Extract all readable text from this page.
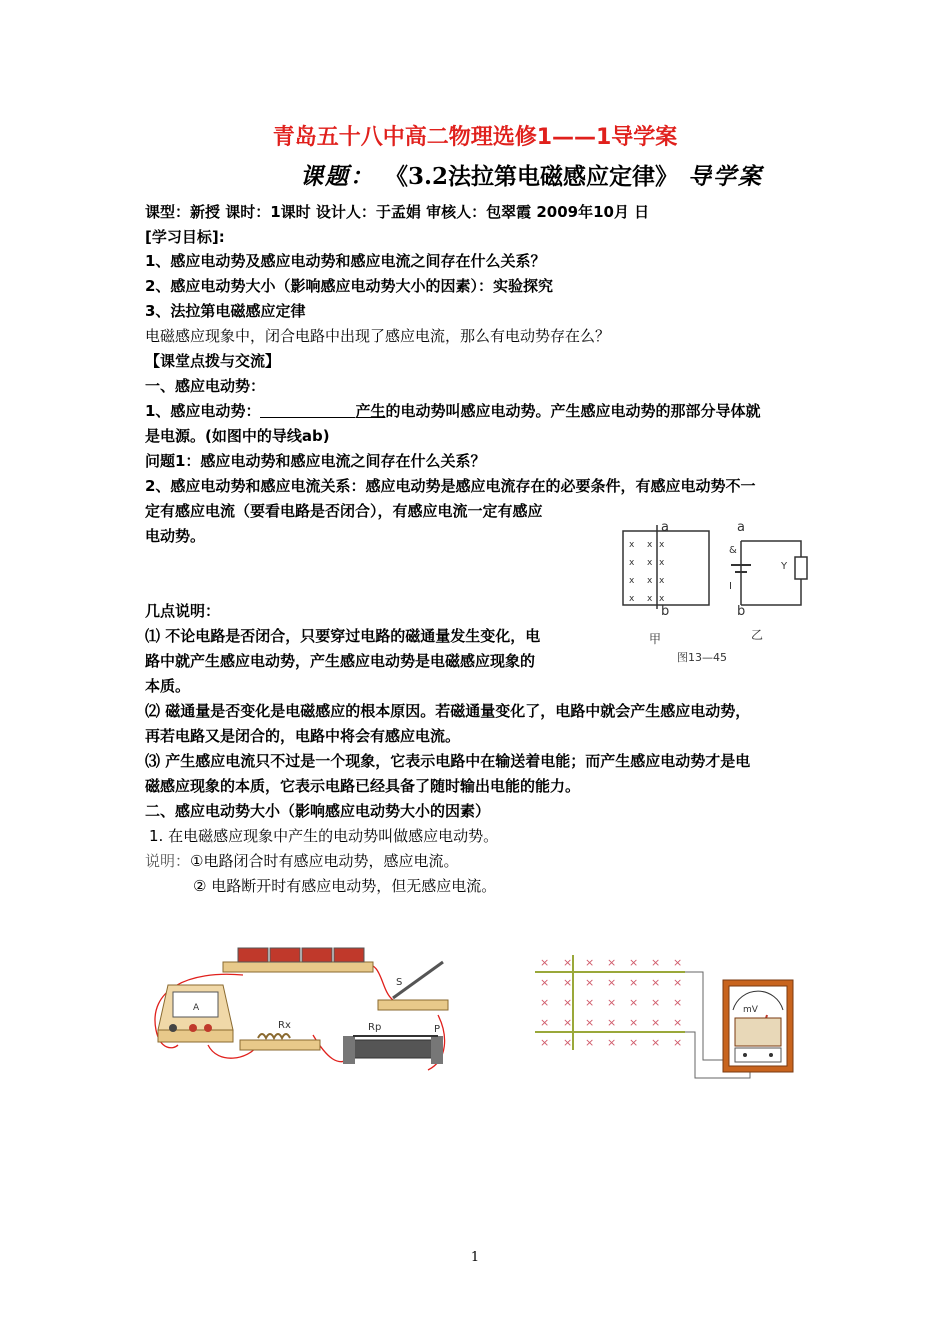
青岛五十八中高二物理选修1——1导学案
课题： 《3.2法拉第电磁感应定律》 导学案
课型：新授 课时：1课时 设计人：于孟娟 审核人：包翠霞 2009年10月 日
[学习目标]:
1、感应电动势及感应电动势和感应电流之间存在什么关系？
2、感应电动势大小（影响感应电动势大小的因素）：实验探究
3、法拉第电磁感应定律
电磁感应现象中，闭合电路中出现了感应电流，那么有电动势存在么？
【课堂点拨与交流】
一、感应电动势：
1、感应电动势：	产生的电动势叫感应电动势。产生感应电动势的那部分导体就
是电源。(如图中的导线ab)
问题1：感应电动势和感应电流之间存在什么关系？
2、感应电动势和感应电流关系：感应电动势是感应电流存在的必要条件，有感应电动势不一
定有感应电流（要看电路是否闭合），有感应电流一定有感应
电动势。
几点说明：
⑴ 不论电路是否闭合，只要穿过电路的磁通量发生变化，电
路中就产生感应电动势，产生感应电动势是电磁感应现象的
本质。
⑵ 磁通量是否变化是电磁感应的根本原因。若磁通量变化了，电路中就会产生感应电动势，
再若电路又是闭合的，电路中将会有感应电流。
⑶ 产生感应电流只不过是一个现象，它表示电路中在输送着电能；而产生感应电动势才是电
磁感应现象的本质，它表示电路已经具备了随时输出电能的能力。
二、感应电动势大小（影响感应电动势大小的因素）
1. 在电磁感应现象中产生的电动势叫做感应电动势。
说明：①电路闭合时有感应电动势，感应电流。
② 电路断开时有感应电动势，但无感应电流。
x x x
x x x
x x x
x x x
a
b
甲
&
I
Y
a
b
乙
图13—45
S
A
Rx	Rp	P
× × × × × × ×
× × × × × × ×
× × × × × × ×
× × × × × × ×
× × × × × × ×
mV
1
